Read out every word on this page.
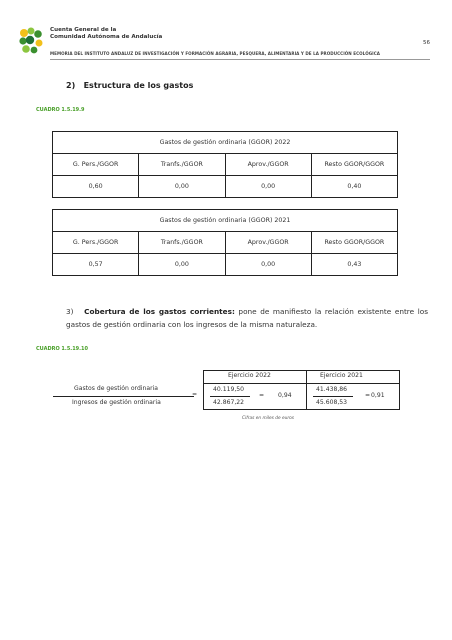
Cuenta General de la
Comunidad Autónoma de Andalucía
56
MEMORIA DEL INSTITUTO ANDALUZ DE INVESTIGACIÓN Y FORMACIÓN AGRARIA, PESQUERA, ALIMENTARIA Y DE LA PRODUCCIÓN ECOLÓGICA
2) Estructura de los gastos
CUADRO 1.5.19.9
Gastos de gestión ordinaria (GGOR) 2022			
G. Pers./GGOR	Tranfs./GGOR	Aprov./GGOR	Resto GGOR/GGOR
0,60	0,00	0,00	0,40
Gastos de gestión ordinaria (GGOR) 2021			
G. Pers./GGOR	Tranfs./GGOR	Aprov./GGOR	Resto GGOR/GGOR
0,57	0,00	0,00	0,43
3) Cobertura de los gastos corrientes: pone de manifiesto la relación existente entre los gastos de gestión ordinaria con los ingresos de la misma naturaleza.
CUADRO 1.5.19.10
Gastos de gestión ordinaria
Ingresos de gestión ordinaria
=
Ejercicio 2022	Ejercicio 2021
40.119,50
42.867,22
= 0,94
41.438,86
45.608,53
= 0,91
Cifras en miles de euros
